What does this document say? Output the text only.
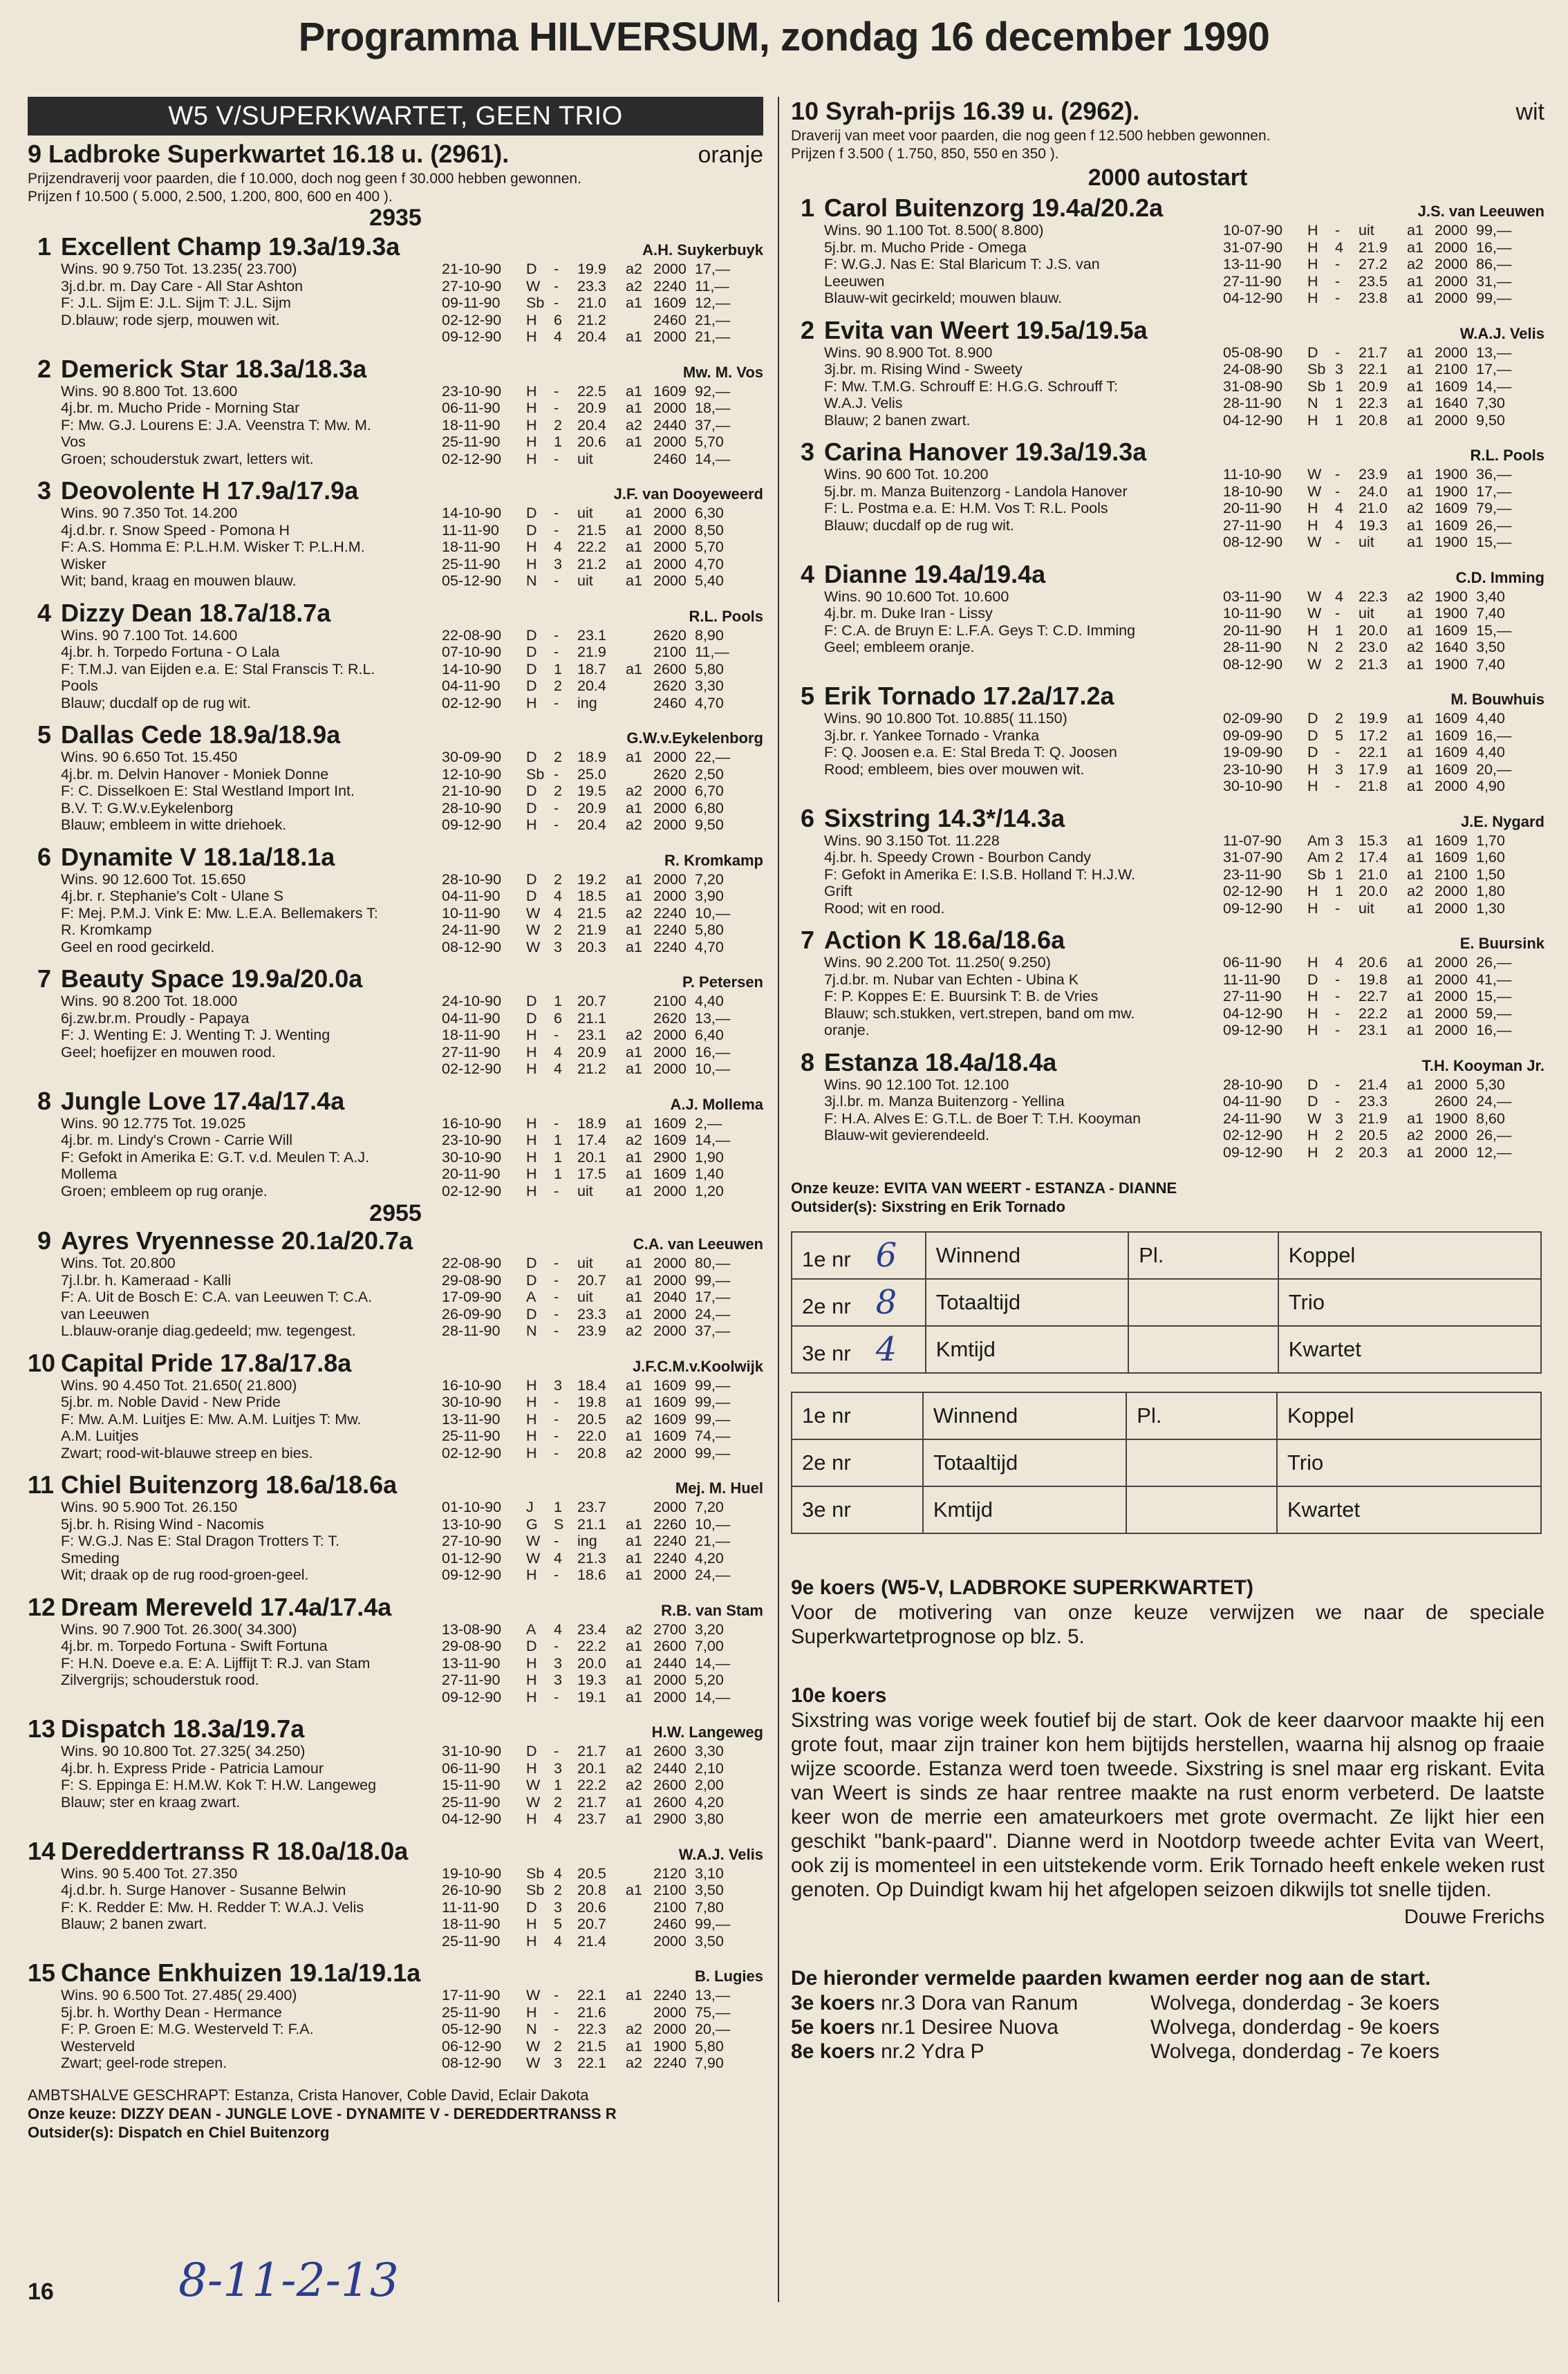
Programma HILVERSUM, zondag 16 december 1990
W5 V/SUPERKWARTET, GEEN TRIO
9 Ladbroke Superkwartet 16.18 u. (2961).	oranje
Prijzendraverij voor paarden, die f 10.000, doch nog geen f 30.000 hebben gewonnen.
Prijzen f 10.500 ( 5.000, 2.500, 1.200, 800, 600 en 400 ).
2935
1 Excellent Champ 19.3a/19.3a	A.H. Suykerbuyk
Wins. 90 9.750 Tot. 13.235( 23.700)
3j.d.br. m. Day Care - All Star Ashton
F: J.L. Sijm E: J.L. Sijm T: J.L. Sijm
D.blauw; rode sjerp, mouwen wit.
21-10-90	D	-	19.9	a2 2000 17,—
27-10-90	W -	23.3	a2 2240 11,—
09-11-90	Sb -	21.0	a1 1609 12,—
02-12-90	H	6	21.2	2460 21,—
09-12-90	H	4	20.4	a1 2000 21,—
2 Demerick Star 18.3a/18.3a	Mw. M. Vos
Wins. 90 8.800 Tot. 13.600
4j.br. m. Mucho Pride - Morning Star
F: Mw. G.J. Lourens E: J.A. Veenstra T: Mw. M.
Vos
Groen; schouderstuk zwart, letters wit.
23-10-90	H	-	22.5	a1 1609 92,—
06-11-90	H	-	20.9	a1 2000 18,—
18-11-90	H	2	20.4	a2 2440 37,—
25-11-90	H	1	20.6	a1 2000 5,70
02-12-90	H	-	uit	2460 14,—
3 Deovolente H 17.9a/17.9a	J.F. van Dooyeweerd
Wins. 90 7.350 Tot. 14.200
4j.d.br. r. Snow Speed - Pomona H
F: A.S. Homma E: P.L.H.M. Wisker T: P.L.H.M.
Wisker
Wit; band, kraag en mouwen blauw.
14-10-90	D	-	uit	a1 2000 6,30
11-11-90	D	-	21.5	a1 2000 8,50
18-11-90	H	4	22.2	a1 2000 5,70
25-11-90	H	3	21.2	a1 2000 4,70
05-12-90	N	-	uit	a1 2000 5,40
4 Dizzy Dean 18.7a/18.7a	R.L. Pools
Wins. 90 7.100 Tot. 14.600
4j.br. h. Torpedo Fortuna - O Lala
F: T.M.J. van Eijden e.a. E: Stal Franscis T: R.L.
Pools
Blauw; ducdalf op de rug wit.
22-08-90	D	-	23.1	2620 8,90
07-10-90	D	-	21.9	2100 11,—
14-10-90	D	1	18.7	a1 2600 5,80
04-11-90	D	2	20.4	2620 3,30
02-12-90	H	-	ing	2460 4,70
5 Dallas Cede 18.9a/18.9a	G.W.v.Eykelenborg
Wins. 90 6.650 Tot. 15.450
4j.br. m. Delvin Hanover - Moniek Donne
F: C. Disselkoen E: Stal Westland Import Int.
B.V. T: G.W.v.Eykelenborg
Blauw; embleem in witte driehoek.
30-09-90	D	2	18.9	a1 2000 22,—
12-10-90	Sb -	25.0	2620 2,50
21-10-90	D	2	19.5	a2 2000 6,70
28-10-90	D	-	20.9	a1 2000 6,80
09-12-90	H	-	20.4	a2 2000 9,50
6 Dynamite V 18.1a/18.1a	R. Kromkamp
Wins. 90 12.600 Tot. 15.650
4j.br. r. Stephanie's Colt - Ulane S
F: Mej. P.M.J. Vink E: Mw. L.E.A. Bellemakers T:
R. Kromkamp
Geel en rood gecirkeld.
28-10-90	D	2	19.2	a1 2000 7,20
04-11-90	D	4	18.5	a1 2000 3,90
10-11-90	W 4	21.5	a2 2240 10,—
24-11-90	W 2	21.9	a1 2240 5,80
08-12-90	W 3	20.3	a1 2240 4,70
7 Beauty Space 19.9a/20.0a	P. Petersen
Wins. 90 8.200 Tot. 18.000
6j.zw.br.m. Proudly - Papaya
F: J. Wenting E: J. Wenting T: J. Wenting
Geel; hoefijzer en mouwen rood.
24-10-90	D	1	20.7	2100 4,40
04-11-90	D	6	21.1	2620 13,—
18-11-90	H	-	23.1	a2 2000 6,40
27-11-90	H	4	20.9	a1 2000 16,—
02-12-90	H	4	21.2	a1 2000 10,—
8 Jungle Love 17.4a/17.4a	A.J. Mollema
Wins. 90 12.775 Tot. 19.025
4j.br. m. Lindy's Crown - Carrie Will
F: Gefokt in Amerika E: G.T. v.d. Meulen T: A.J.
Mollema
Groen; embleem op rug oranje.
16-10-90	H	-	18.9	a1 1609 2,—
23-10-90	H	1	17.4	a2 1609 14,—
30-10-90	H	1	20.1	a1 2900 1,90
20-11-90	H	1	17.5	a1 1609 1,40
02-12-90	H	-	uit	a1 2000 1,20
2955
9 Ayres Vryennesse 20.1a/20.7a	C.A. van Leeuwen
Wins. Tot. 20.800
7j.l.br. h. Kameraad - Kalli
F: A. Uit de Bosch E: C.A. van Leeuwen T: C.A.
van Leeuwen
L.blauw-oranje diag.gedeeld; mw. tegengest.
22-08-90	D	-	uit	a1 2000 80,—
29-08-90	D	-	20.7	a1 2000 99,—
17-09-90	A	-	uit	a1 2040 17,—
26-09-90	D	-	23.3	a1 2000 24,—
28-11-90	N	-	23.9	a2 2000 37,—
10 Capital Pride 17.8a/17.8a	J.F.C.M.v.Koolwijk
Wins. 90 4.450 Tot. 21.650( 21.800)
5j.br. m. Noble David - New Pride
F: Mw. A.M. Luitjes E: Mw. A.M. Luitjes T: Mw.
A.M. Luitjes
Zwart; rood-wit-blauwe streep en bies.
16-10-90	H	3	18.4	a1 1609 99,—
30-10-90	H	-	19.8	a1 1609 99,—
13-11-90	H	-	20.5	a2 1609 99,—
25-11-90	H	-	22.0	a1 1609 74,—
02-12-90	H	-	20.8	a2 2000 99,—
11 Chiel Buitenzorg 18.6a/18.6a	Mej. M. Huel
Wins. 90 5.900 Tot. 26.150
5j.br. h. Rising Wind - Nacomis
F: W.G.J. Nas E: Stal Dragon Trotters T: T.
Smeding
Wit; draak op de rug rood-groen-geel.
01-10-90	J	1	23.7	2000 7,20
13-10-90	G	S 21.1	a1 2260 10,—
27-10-90	W -	ing	a1 2240 21,—
01-12-90	W 4	21.3	a1 2240 4,20
09-12-90	H	-	18.6	a1 2000 24,—
12 Dream Mereveld 17.4a/17.4a	R.B. van Stam
Wins. 90 7.900 Tot. 26.300( 34.300)
4j.br. m. Torpedo Fortuna - Swift Fortuna
F: H.N. Doeve e.a. E: A. Lijffijt T: R.J. van Stam
Zilvergrijs; schouderstuk rood.
13-08-90	A	4	23.4	a2 2700 3,20
29-08-90	D	-	22.2	a1 2600 7,00
13-11-90	H	3	20.0	a1 2440 14,—
27-11-90	H	3	19.3	a1 2000 5,20
09-12-90	H	-	19.1	a1 2000 14,—
13 Dispatch 18.3a/19.7a	H.W. Langeweg
Wins. 90 10.800 Tot. 27.325( 34.250)
4j.br. h. Express Pride - Patricia Lamour
F: S. Eppinga E: H.M.W. Kok T: H.W. Langeweg
Blauw; ster en kraag zwart.
31-10-90	D	-	21.7	a1 2600 3,30
06-11-90	H	3	20.1	a2 2440 2,10
15-11-90	W 1	22.2	a2 2600 2,00
25-11-90	W 2	21.7	a1 2600 4,20
04-12-90	H	4	23.7	a1 2900 3,80
14 Dereddertranss R 18.0a/18.0a	W.A.J. Velis
Wins. 90 5.400 Tot. 27.350
4j.d.br. h. Surge Hanover - Susanne Belwin
F: K. Redder E: Mw. H. Redder T: W.A.J. Velis
Blauw; 2 banen zwart.
19-10-90	Sb 4	20.5	2120 3,10
26-10-90	Sb 2	20.8	a1 2100 3,50
11-11-90	D	3	20.6	2100 7,80
18-11-90	H	5	20.7	2460 99,—
25-11-90	H	4	21.4	2000 3,50
15 Chance Enkhuizen 19.1a/19.1a	B. Lugies
Wins. 90 6.500 Tot. 27.485( 29.400)
5j.br. h. Worthy Dean - Hermance
F: P. Groen E: M.G. Westerveld T: F.A.
Westerveld
Zwart; geel-rode strepen.
17-11-90	W -	22.1	a1 2240 13,—
25-11-90	H	-	21.6	2000 75,—
05-12-90	N	-	22.3	a2 2000 20,—
06-12-90	W 2	21.5	a1 1900 5,80
08-12-90	W 3	22.1	a2 2240 7,90
AMBTSHALVE GESCHRAPT: Estanza, Crista Hanover, Coble David, Eclair Dakota
Onze keuze: DIZZY DEAN - JUNGLE LOVE - DYNAMITE V - DEREDDERTRANSS R
Outsider(s): Dispatch en Chiel Buitenzorg
10 Syrah-prijs 16.39 u. (2962).	wit
Draverij van meet voor paarden, die nog geen f 12.500 hebben gewonnen.
Prijzen f 3.500 ( 1.750, 850, 550 en 350 ).
2000 autostart
1 Carol Buitenzorg 19.4a/20.2a	J.S. van Leeuwen
Wins. 90 1.100 Tot. 8.500( 8.800)
5j.br. m. Mucho Pride - Omega
F: W.G.J. Nas E: Stal Blaricum T: J.S. van
Leeuwen
Blauw-wit gecirkeld; mouwen blauw.
10-07-90	H	-	uit	a1 2000 99,—
31-07-90	H	4	21.9	a1 2000 16,—
13-11-90	H	-	27.2	a2 2000 86,—
27-11-90	H	-	23.5	a1 2000 31,—
04-12-90	H	-	23.8	a1 2000 99,—
2 Evita van Weert 19.5a/19.5a	W.A.J. Velis
Wins. 90 8.900 Tot. 8.900
3j.br. m. Rising Wind - Sweety
F: Mw. T.M.G. Schrouff E: H.G.G. Schrouff T:
W.A.J. Velis
Blauw; 2 banen zwart.
05-08-90	D	-	21.7	a1 2000 13,—
24-08-90	Sb 3	22.1	a1 2100 17,—
31-08-90	Sb 1	20.9	a1 1609 14,—
28-11-90	N	1	22.3	a1 1640 7,30
04-12-90	H	1	20.8	a1 2000 9,50
3 Carina Hanover 19.3a/19.3a	R.L. Pools
Wins. 90 600 Tot. 10.200
5j.br. m. Manza Buitenzorg - Landola Hanover
F: L. Postma e.a. E: H.M. Vos T: R.L. Pools
Blauw; ducdalf op de rug wit.
11-10-90	W -	23.9	a1 1900 36,—
18-10-90	W -	24.0	a1 1900 17,—
20-11-90	H	4	21.0	a2 1609 79,—
27-11-90	H	4	19.3	a1 1609 26,—
08-12-90	W -	uit	a1 1900 15,—
4 Dianne 19.4a/19.4a	C.D. Imming
Wins. 90 10.600 Tot. 10.600
4j.br. m. Duke Iran - Lissy
F: C.A. de Bruyn E: L.F.A. Geys T: C.D. Imming
Geel; embleem oranje.
03-11-90	W 4	22.3	a2 1900 3,40
10-11-90	W -	uit	a1 1900 7,40
20-11-90	H	1	20.0	a1 1609 15,—
28-11-90	N	2	23.0	a2 1640 3,50
08-12-90	W 2	21.3	a1 1900 7,40
5 Erik Tornado 17.2a/17.2a	M. Bouwhuis
Wins. 90 10.800 Tot. 10.885( 11.150)
3j.br. r. Yankee Tornado - Vranka
F: Q. Joosen e.a. E: Stal Breda T: Q. Joosen
Rood; embleem, bies over mouwen wit.
02-09-90	D	2	19.9	a1 1609 4,40
09-09-90	D	5	17.2	a1 1609 16,—
19-09-90	D	-	22.1	a1 1609 4,40
23-10-90	H	3	17.9	a1 1609 20,—
30-10-90	H	-	21.8	a1 2000 4,90
6 Sixstring 14.3*/14.3a	J.E. Nygard
Wins. 90 3.150 Tot. 11.228
4j.br. h. Speedy Crown - Bourbon Candy
F: Gefokt in Amerika E: I.S.B. Holland T: H.J.W.
Grift
Rood; wit en rood.
11-07-90	Am 3	15.3	a1 1609 1,70
31-07-90	Am 2	17.4	a1 1609 1,60
23-11-90	Sb 1	21.0	a1 2100 1,50
02-12-90	H	1	20.0	a2 2000 1,80
09-12-90	H	-	uit	a1 2000 1,30
7 Action K 18.6a/18.6a	E. Buursink
Wins. 90 2.200 Tot. 11.250( 9.250)
7j.d.br. m. Nubar van Echten - Ubina K
F: P. Koppes E: E. Buursink T: B. de Vries
Blauw; sch.stukken, vert.strepen, band om mw.
oranje.
06-11-90	H	4	20.6	a1 2000 26,—
11-11-90	D	-	19.8	a1 2000 41,—
27-11-90	H	-	22.7	a1 2000 15,—
04-12-90	H	-	22.2	a1 2000 59,—
09-12-90	H	-	23.1	a1 2000 16,—
8 Estanza 18.4a/18.4a	T.H. Kooyman Jr.
Wins. 90 12.100 Tot. 12.100
3j.l.br. m. Manza Buitenzorg - Yellina
F: H.A. Alves E: G.T.L. de Boer T: T.H. Kooyman
Blauw-wit gevierendeeld.
28-10-90	D	-	21.4	a1 2000 5,30
04-11-90	D	-	23.3	2600 24,—
24-11-90	W 3	21.9	a1 1900 8,60
02-12-90	H	2	20.5	a2 2000 26,—
09-12-90	H	2	20.3	a1 2000 12,—
Onze keuze: EVITA VAN WEERT - ESTANZA - DIANNE
Outsider(s): Sixstring en Erik Tornado
1e nr 6	Winnend	Pl.	Koppel
2e nr 8	Totaaltijd		Trio
3e nr 4	Kmtijd		Kwartet
1e nr	Winnend	Pl.	Koppel
2e nr	Totaaltijd		Trio
3e nr	Kmtijd		Kwartet
9e koers (W5-V, LADBROKE SUPERKWARTET)
Voor de motivering van onze keuze verwijzen we naar de speciale Superkwartetprognose op blz. 5.
10e koers
Sixstring was vorige week foutief bij de start. Ook de keer daarvoor maakte hij een grote fout, maar zijn trainer kon hem bijtijds herstellen, waarna hij alsnog op fraaie wijze scoorde. Estanza werd toen tweede. Sixstring is snel maar erg riskant. Evita van Weert is sinds ze haar rentree maakte na rust enorm verbeterd. De laatste keer won de merrie een amateurkoers met grote overmacht. Ze lijkt hier een geschikt "bank-paard". Dianne werd in Nootdorp tweede achter Evita van Weert, ook zij is momenteel in een uitstekende vorm. Erik Tornado heeft enkele weken rust genoten. Op Duindigt kwam hij het afgelopen seizoen dikwijls tot snelle tijden.
Douwe Frerichs
De hieronder vermelde paarden kwamen eerder nog aan de start.
3e koers nr.3 Dora van Ranum	Wolvega, donderdag - 3e koers
5e koers nr.1 Desiree Nuova	Wolvega, donderdag - 9e koers
8e koers nr.2 Ydra P	Wolvega, donderdag - 7e koers
16	8-11-2-13
